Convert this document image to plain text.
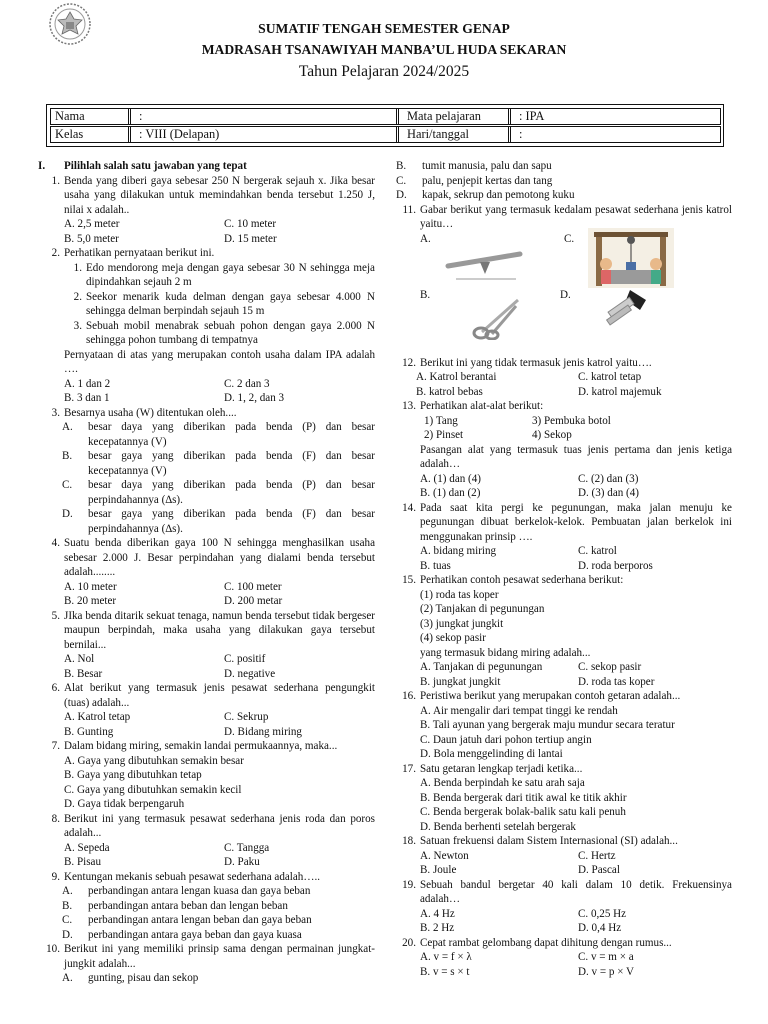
SUMATIF TENGAH SEMESTER GENAP
MADRASAH TSANAWIYAH MANBA’UL HUDA SEKARAN
Tahun Pelajaran 2024/2025
Nama	:	Mata pelajaran	: IPA
Kelas	: VIII (Delapan)	Hari/tanggal	:
I.	Pilihlah salah satu jawaban yang tepat
1. Benda yang diberi gaya sebesar 250 N bergerak sejauh x. Jika besar usaha yang dilakukan untuk memindahkan benda tersebut 1.250 J, nilai x adalah..
A. 2,5 meter	C. 10 meter
B. 5,0 meter	D. 15 meter
2. Perhatikan pernyataan berikut ini.
1. Edo mendorong meja dengan gaya sebesar 30 N sehingga meja dipindahkan sejauh 2 m
2. Seekor menarik kuda delman dengan gaya sebesar 4.000 N sehingga delman berpindah sejauh 15 m
3. Sebuah mobil menabrak sebuah pohon dengan gaya 2.000 N sehingga pohon tumbang di tempatnya
Pernyataan di atas yang merupakan contoh usaha dalam IPA adalah ….
A. 1 dan 2	C. 2 dan 3
B. 3 dan 1	D. 1, 2, dan 3
3. Besarnya usaha (W) ditentukan oleh....
A.	besar daya yang diberikan pada benda (P) dan besar kecepatannya (V)
B.	besar gaya yang diberikan pada benda (F) dan besar kecepatannya (V)
C.	besar daya yang diberikan pada benda (P) dan besar perpindahannya (∆s).
D.	besar gaya yang diberikan pada benda (F) dan besar perpindahannya (∆s).
4. Suatu benda diberikan gaya 100 N sehingga menghasilkan usaha sebesar 2.000 J. Besar perpindahan yang dialami benda tersebut adalah........
A. 10 meter	C. 100 meter
B. 20 meter	D. 200 metar
5. JIka benda ditarik sekuat tenaga, namun benda tersebut tidak bergeser maupun berpindah, maka usaha yang dilakukan gaya tersebut bernilai...
A. Nol	C. positif
B. Besar	D. negative
6. Alat berikut yang termasuk jenis pesawat sederhana pengungkit (tuas) adalah...
A. Katrol tetap	C. Sekrup
B. Gunting	D. Bidang miring
7. Dalam bidang miring, semakin landai permukaannya, maka...
A. Gaya yang dibutuhkan semakin besar
B. Gaya yang dibutuhkan tetap
C. Gaya yang dibutuhkan semakin kecil
D. Gaya tidak berpengaruh
8. Berikut ini yang termasuk pesawat sederhana jenis roda dan poros adalah...
A. Sepeda	C. Tangga
B. Pisau	D. Paku
9. Kentungan mekanis sebuah pesawat sederhana adalah…..
A.	perbandingan antara lengan kuasa dan gaya beban
B.	perbandingan antara beban dan lengan beban
C.	perbandingan antara lengan beban dan gaya beban
D.	perbandingan antara gaya beban dan gaya kuasa
10. Berikut ini yang memiliki prinsip sama dengan permainan jungkat-jungkit adalah...
A.	gunting, pisau dan sekop
B.	tumit manusia, palu dan sapu
C.	palu, penjepit kertas dan tang
D.	kapak, sekrup dan pemotong kuku
11. Gabar berikut yang termasuk kedalam pesawat sederhana jenis katrol yaitu…
A.	C.
B.	D.
12. Berikut ini yang tidak termasuk jenis katrol yaitu….
A. Katrol berantai	C. katrol tetap
B. katrol bebas	D. katrol majemuk
13. Perhatikan alat-alat berikut:
1) Tang	3) Pembuka botol
2) Pinset	4) Sekop
Pasangan alat yang termasuk tuas jenis pertama dan jenis ketiga adalah…
A. (1) dan (4)	C. (2) dan (3)
B. (1) dan (2)	D. (3) dan (4)
14. Pada saat kita pergi ke pegunungan, maka jalan menuju ke pegunungan dibuat berkelok-kelok. Pembuatan jalan berkelok ini menggunakan prinsip ….
A. bidang miring	C. katrol
B. tuas	D. roda berporos
15. Perhatikan contoh pesawat sederhana berikut:
(1) roda tas koper
(2) Tanjakan di pegunungan
(3) jungkat jungkit
(4) sekop pasir
yang termasuk bidang miring adalah...
A. Tanjakan di pegunungan	C. sekop pasir
B. jungkat jungkit	D. roda tas koper
16. Peristiwa berikut yang merupakan contoh getaran adalah...
A. Air mengalir dari tempat tinggi ke rendah
B. Tali ayunan yang bergerak maju mundur secara teratur
C. Daun jatuh dari pohon tertiup angin
D. Bola menggelinding di lantai
17. Satu getaran lengkap terjadi ketika...
A. Benda berpindah ke satu arah saja
B. Benda bergerak dari titik awal ke titik akhir
C. Benda bergerak bolak-balik satu kali penuh
D. Benda berhenti setelah bergerak
18. Satuan frekuensi dalam Sistem Internasional (SI) adalah...
A. Newton	C. Hertz
B. Joule	D. Pascal
19. Sebuah bandul bergetar 40 kali dalam 10 detik. Frekuensinya adalah…
A. 4 Hz	C. 0,25 Hz
B. 2 Hz	D. 0,4 Hz
20. Cepat rambat gelombang dapat dihitung dengan rumus...
A. v = f × λ	C. v = m × a
B. v = s × t	D. v = p × V
